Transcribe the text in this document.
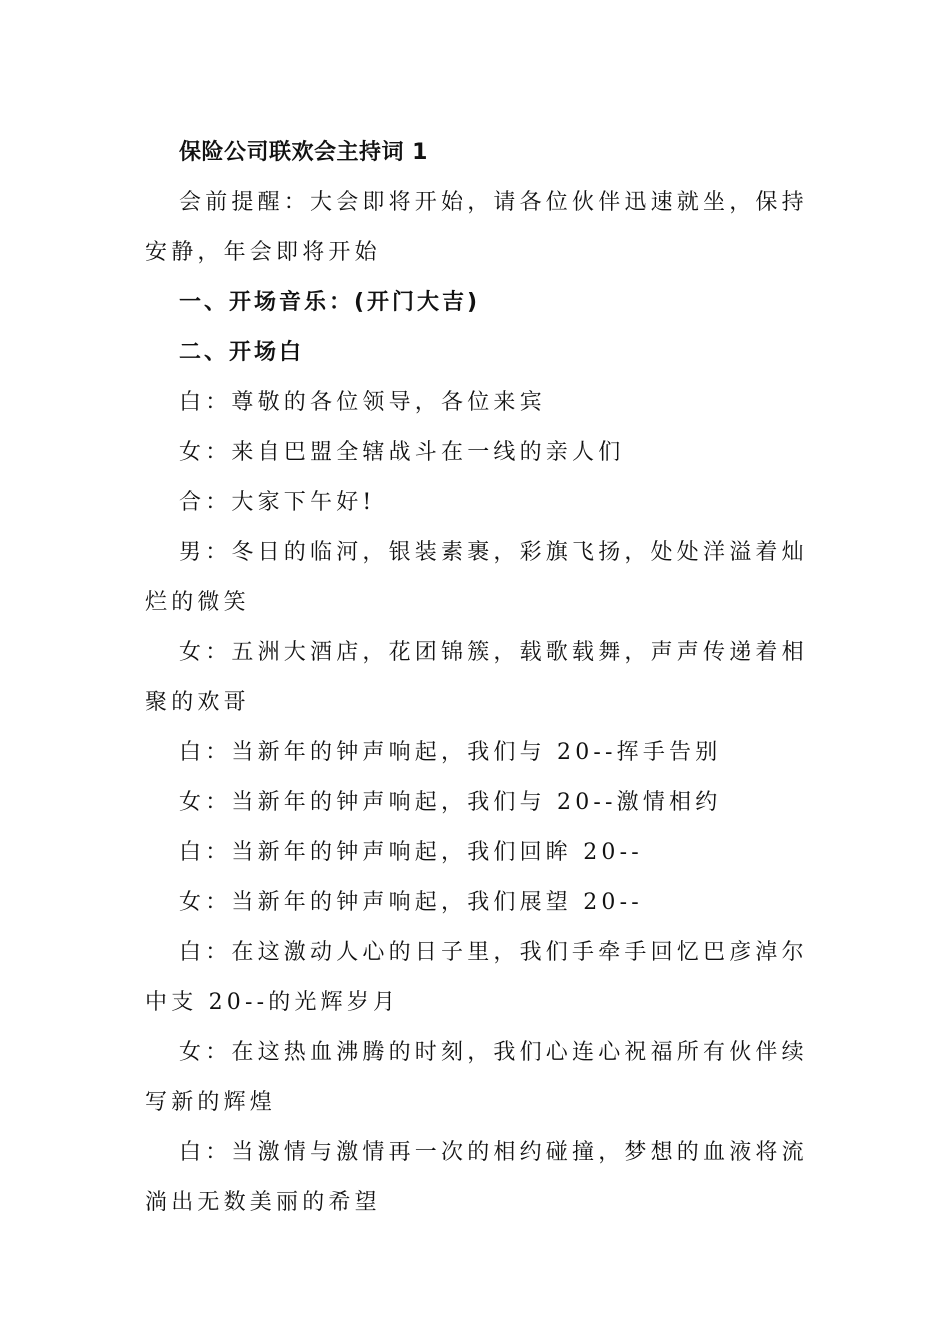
保险公司联欢会主持词 1

会前提醒：大会即将开始，请各位伙伴迅速就坐，保持安静，年会即将开始

一、开场音乐：(开门大吉)

二、开场白

白：尊敬的各位领导，各位来宾

女：来自巴盟全辖战斗在一线的亲人们

合：大家下午好!

男：冬日的临河，银装素裹，彩旗飞扬，处处洋溢着灿烂的微笑

女：五洲大酒店，花团锦簇，载歌载舞，声声传递着相聚的欢哥

白：当新年的钟声响起，我们与 20--挥手告别

女：当新年的钟声响起，我们与 20--激情相约

白：当新年的钟声响起，我们回眸 20--

女：当新年的钟声响起，我们展望 20--

白：在这激动人心的日子里，我们手牵手回忆巴彦淖尔中支 20--的光辉岁月

女：在这热血沸腾的时刻，我们心连心祝福所有伙伴续写新的辉煌

白：当激情与激情再一次的相约碰撞，梦想的血液将流淌出无数美丽的希望
